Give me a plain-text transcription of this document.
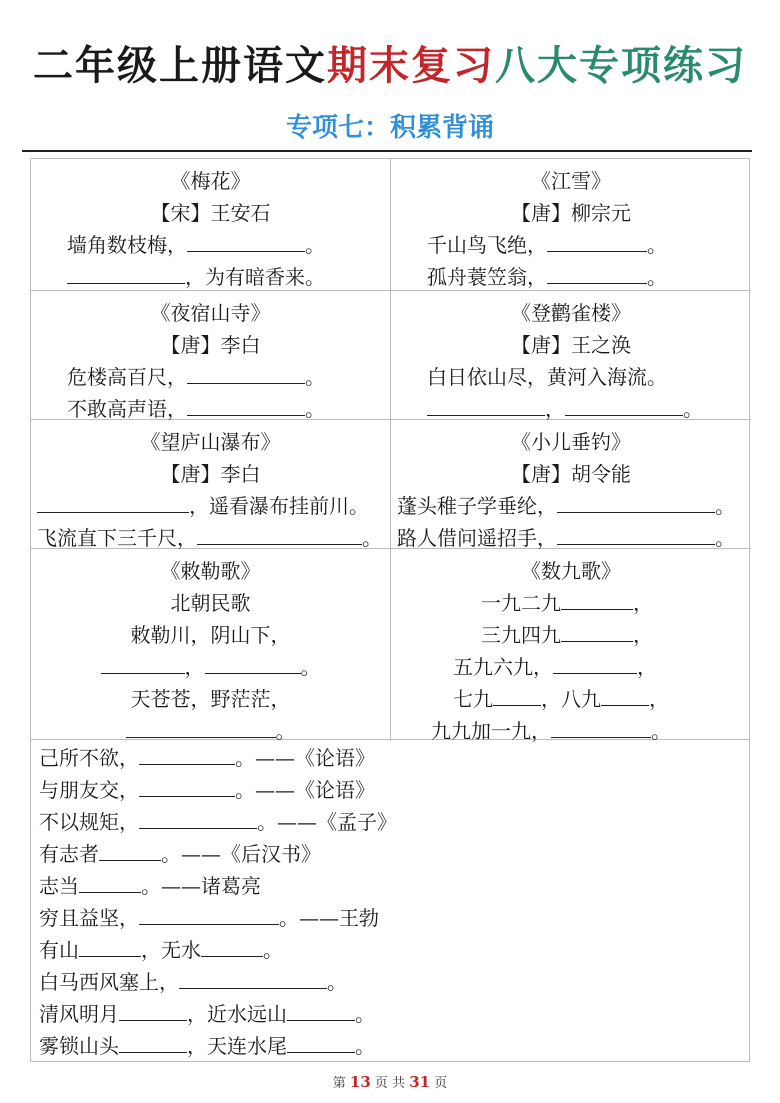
二年级上册语文期末复习八大专项练习
专项七：积累背诵
《梅花》
【宋】王安石
墙角数枝梅，	。
，为有暗香来。
《江雪》
【唐】柳宗元
千山鸟飞绝，	。
孤舟蓑笠翁，	。
《夜宿山寺》
【唐】李白
危楼高百尺，	。
不敢高声语，	。
《登鹳雀楼》
【唐】王之涣
白日依山尽，黄河入海流。
，	。
《望庐山瀑布》
【唐】李白
，遥看瀑布挂前川。
飞流直下三千尺，	。
《小儿垂钓》
【唐】胡令能
蓬头稚子学垂纶，	。
路人借问遥招手，	。
《敕勒歌》
北朝民歌
敕勒川，阴山下，
，	。
天苍苍，野茫茫，
。
《数九歌》
一九二九	，
三九四九	，
五九六九，	，
七九 ，八九 ，
九九加一九，	。
己所不欲，	。——《论语》
与朋友交，	。——《论语》
不以规矩，	。——《孟子》
有志者	。——《后汉书》
志当	。——诸葛亮
穷且益坚，	。——王勃
有山	，无水	。
白马西风塞上，	。
清风明月	，近水远山	。
雾锁山头	，天连水尾	。
第 13 页 共 31 页
